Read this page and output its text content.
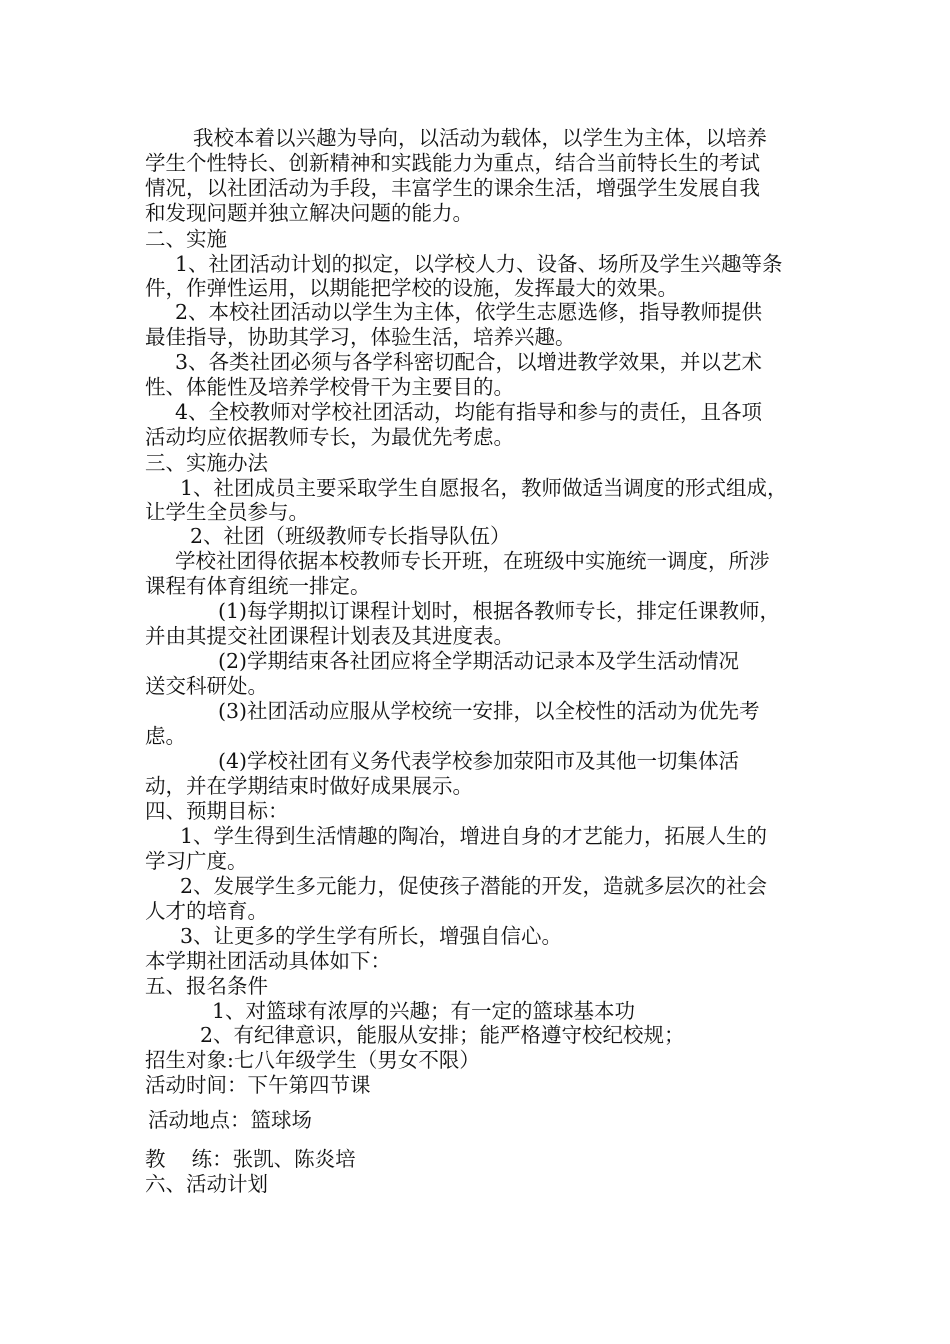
我校本着以兴趣为导向，以活动为载体，以学生为主体，以培养

学生个性特长、创新精神和实践能力为重点，结合当前特长生的考试

情况，以社团活动为手段，丰富学生的课余生活，增强学生发展自我

和发现问题并独立解决问题的能力。

二、实施

1、社团活动计划的拟定，以学校人力、设备、场所及学生兴趣等条

件，作弹性运用，以期能把学校的设施，发挥最大的效果。

2、本校社团活动以学生为主体，依学生志愿选修，指导教师提供

最佳指导，协助其学习，体验生活，培养兴趣。

3、各类社团必须与各学科密切配合，以增进教学效果，并以艺术

性、体能性及培养学校骨干为主要目的。

4、全校教师对学校社团活动，均能有指导和参与的责任，且各项

活动均应依据教师专长，为最优先考虑。

三、实施办法

1、社团成员主要采取学生自愿报名，教师做适当调度的形式组成，

让学生全员参与。

2、社团（班级教师专长指导队伍）

学校社团得依据本校教师专长开班，在班级中实施统一调度，所涉

课程有体育组统一排定。

(1)每学期拟订课程计划时，根据各教师专长，排定任课教师，

并由其提交社团课程计划表及其进度表。

(2)学期结束各社团应将全学期活动记录本及学生活动情况

送交科研处。

(3)社团活动应服从学校统一安排，以全校性的活动为优先考

虑。

(4)学校社团有义务代表学校参加荥阳市及其他一切集体活

动，并在学期结束时做好成果展示。

四、预期目标：

1、学生得到生活情趣的陶冶，增进自身的才艺能力，拓展人生的

学习广度。

2、发展学生多元能力，促使孩子潜能的开发，造就多层次的社会

人才的培育。

3、让更多的学生学有所长，增强自信心。

本学期社团活动具体如下：

五、报名条件

1、对篮球有浓厚的兴趣；有一定的篮球基本功

2、有纪律意识，能服从安排；能严格遵守校纪校规；

招生对象:七八年级学生（男女不限）

活动时间：下午第四节课

活动地点：篮球场

教    练：张凯、陈炎培

六、活动计划
